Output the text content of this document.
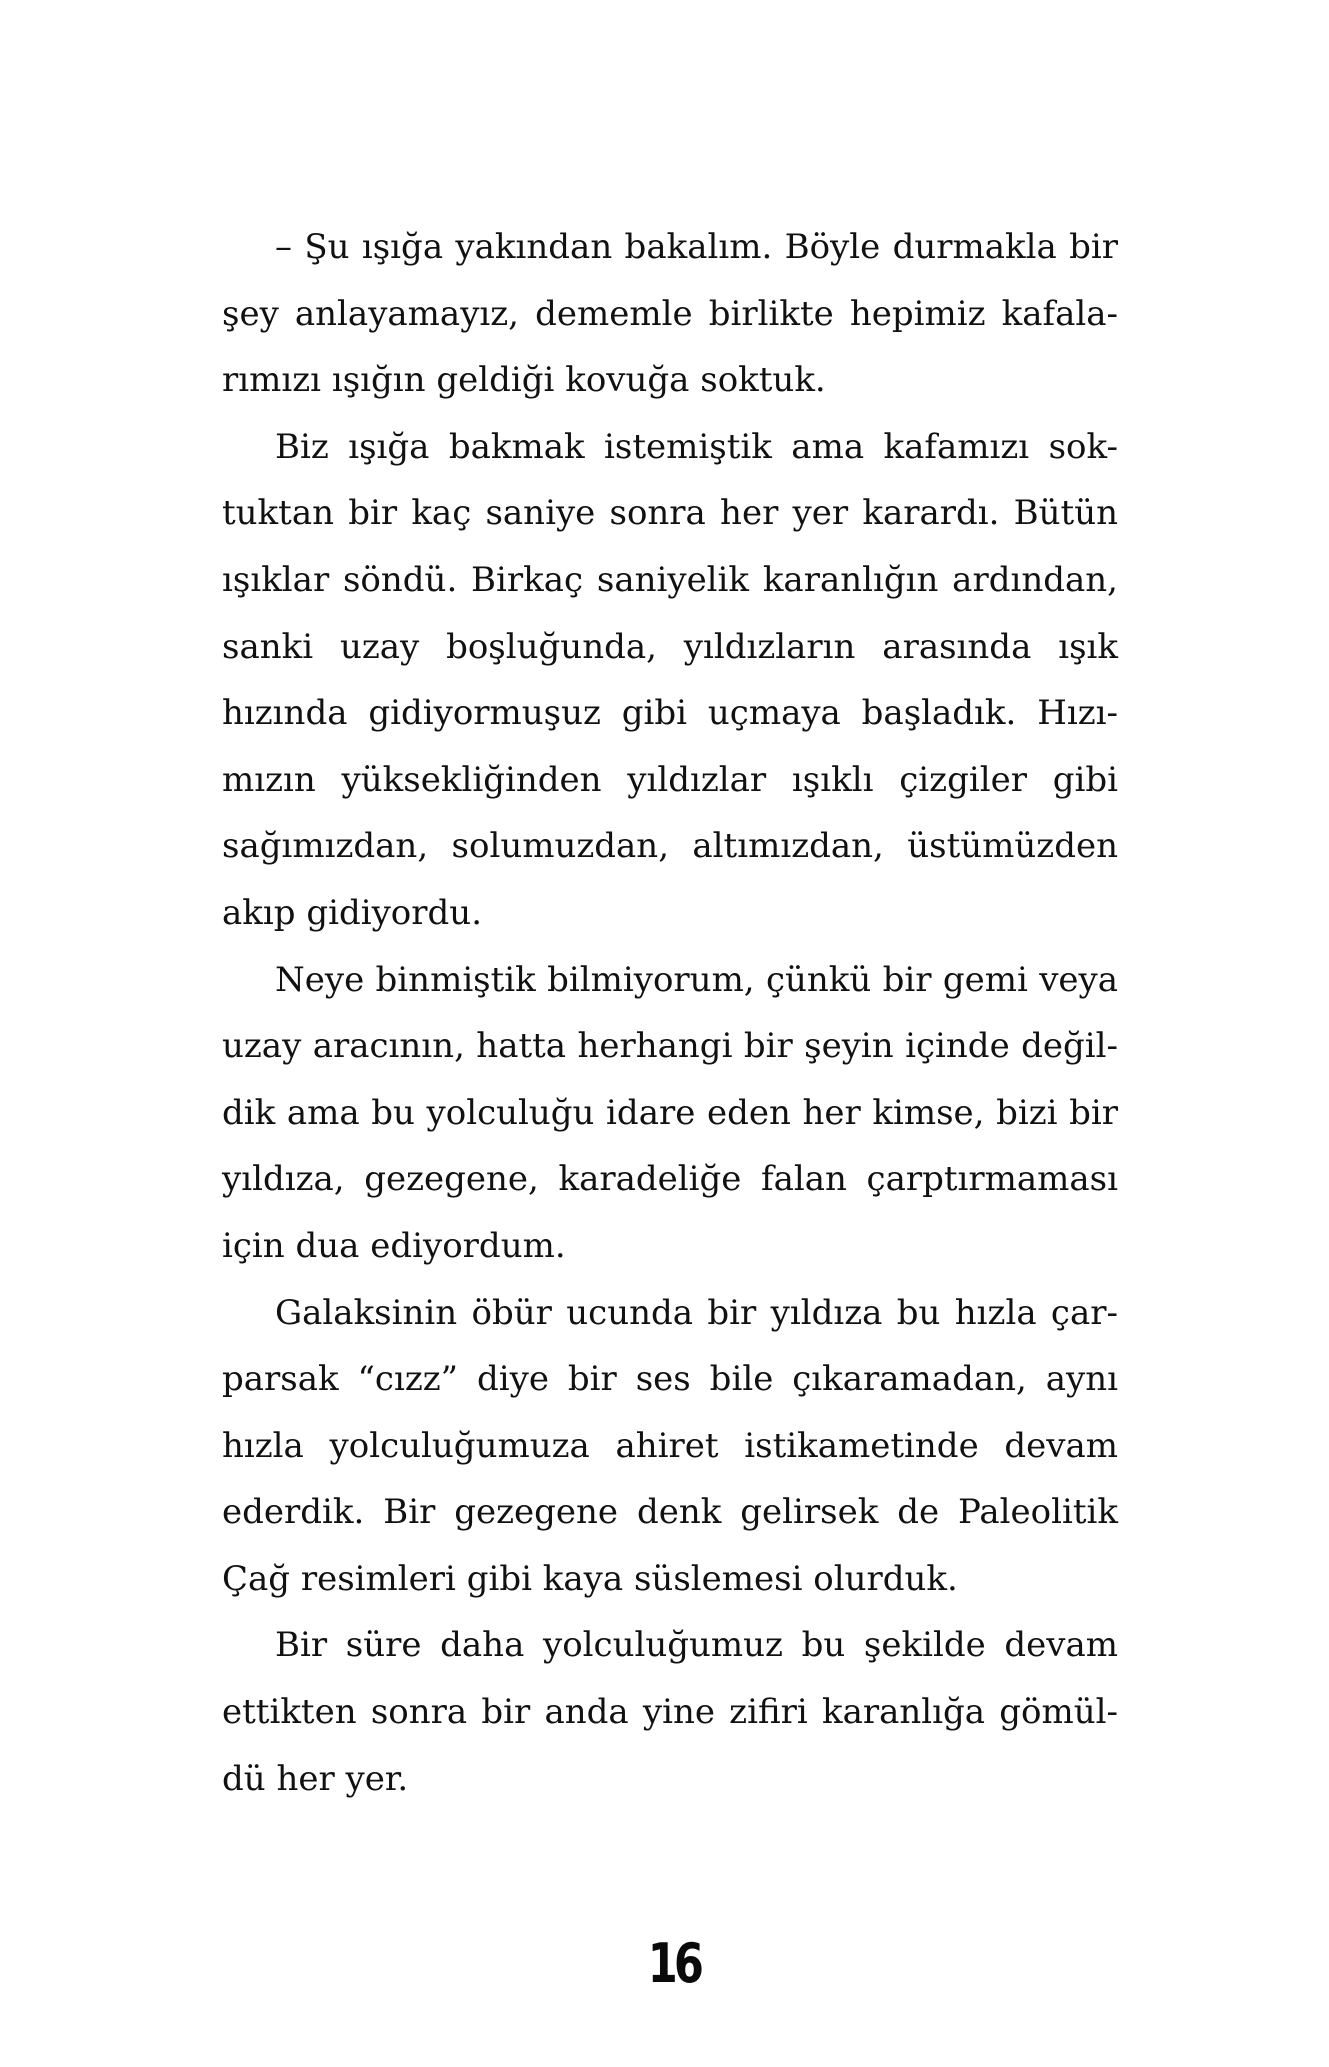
– Şu ışığa yakından bakalım. Böyle durmakla bir
şey anlayamayız, dememle birlikte hepimiz kafala-
rımızı ışığın geldiği kovuğa soktuk.
Biz ışığa bakmak istemiştik ama kafamızı sok-
tuktan bir kaç saniye sonra her yer karardı. Bütün
ışıklar söndü. Birkaç saniyelik karanlığın ardından,
sanki uzay boşluğunda, yıldızların arasında ışık
hızında gidiyormuşuz gibi uçmaya başladık. Hızı-
mızın yüksekliğinden yıldızlar ışıklı çizgiler gibi
sağımızdan, solumuzdan, altımızdan, üstümüzden
akıp gidiyordu.
Neye binmiştik bilmiyorum, çünkü bir gemi veya
uzay aracının, hatta herhangi bir şeyin içinde değil-
dik ama bu yolculuğu idare eden her kimse, bizi bir
yıldıza, gezegene, karadeliğe falan çarptırmaması
için dua ediyordum.
Galaksinin öbür ucunda bir yıldıza bu hızla çar-
parsak “cızz” diye bir ses bile çıkaramadan, aynı
hızla yolculuğumuza ahiret istikametinde devam
ederdik. Bir gezegene denk gelirsek de Paleolitik
Çağ resimleri gibi kaya süslemesi olurduk.
Bir süre daha yolculuğumuz bu şekilde devam
ettikten sonra bir anda yine zifiri karanlığa gömül-
dü her yer.
16
